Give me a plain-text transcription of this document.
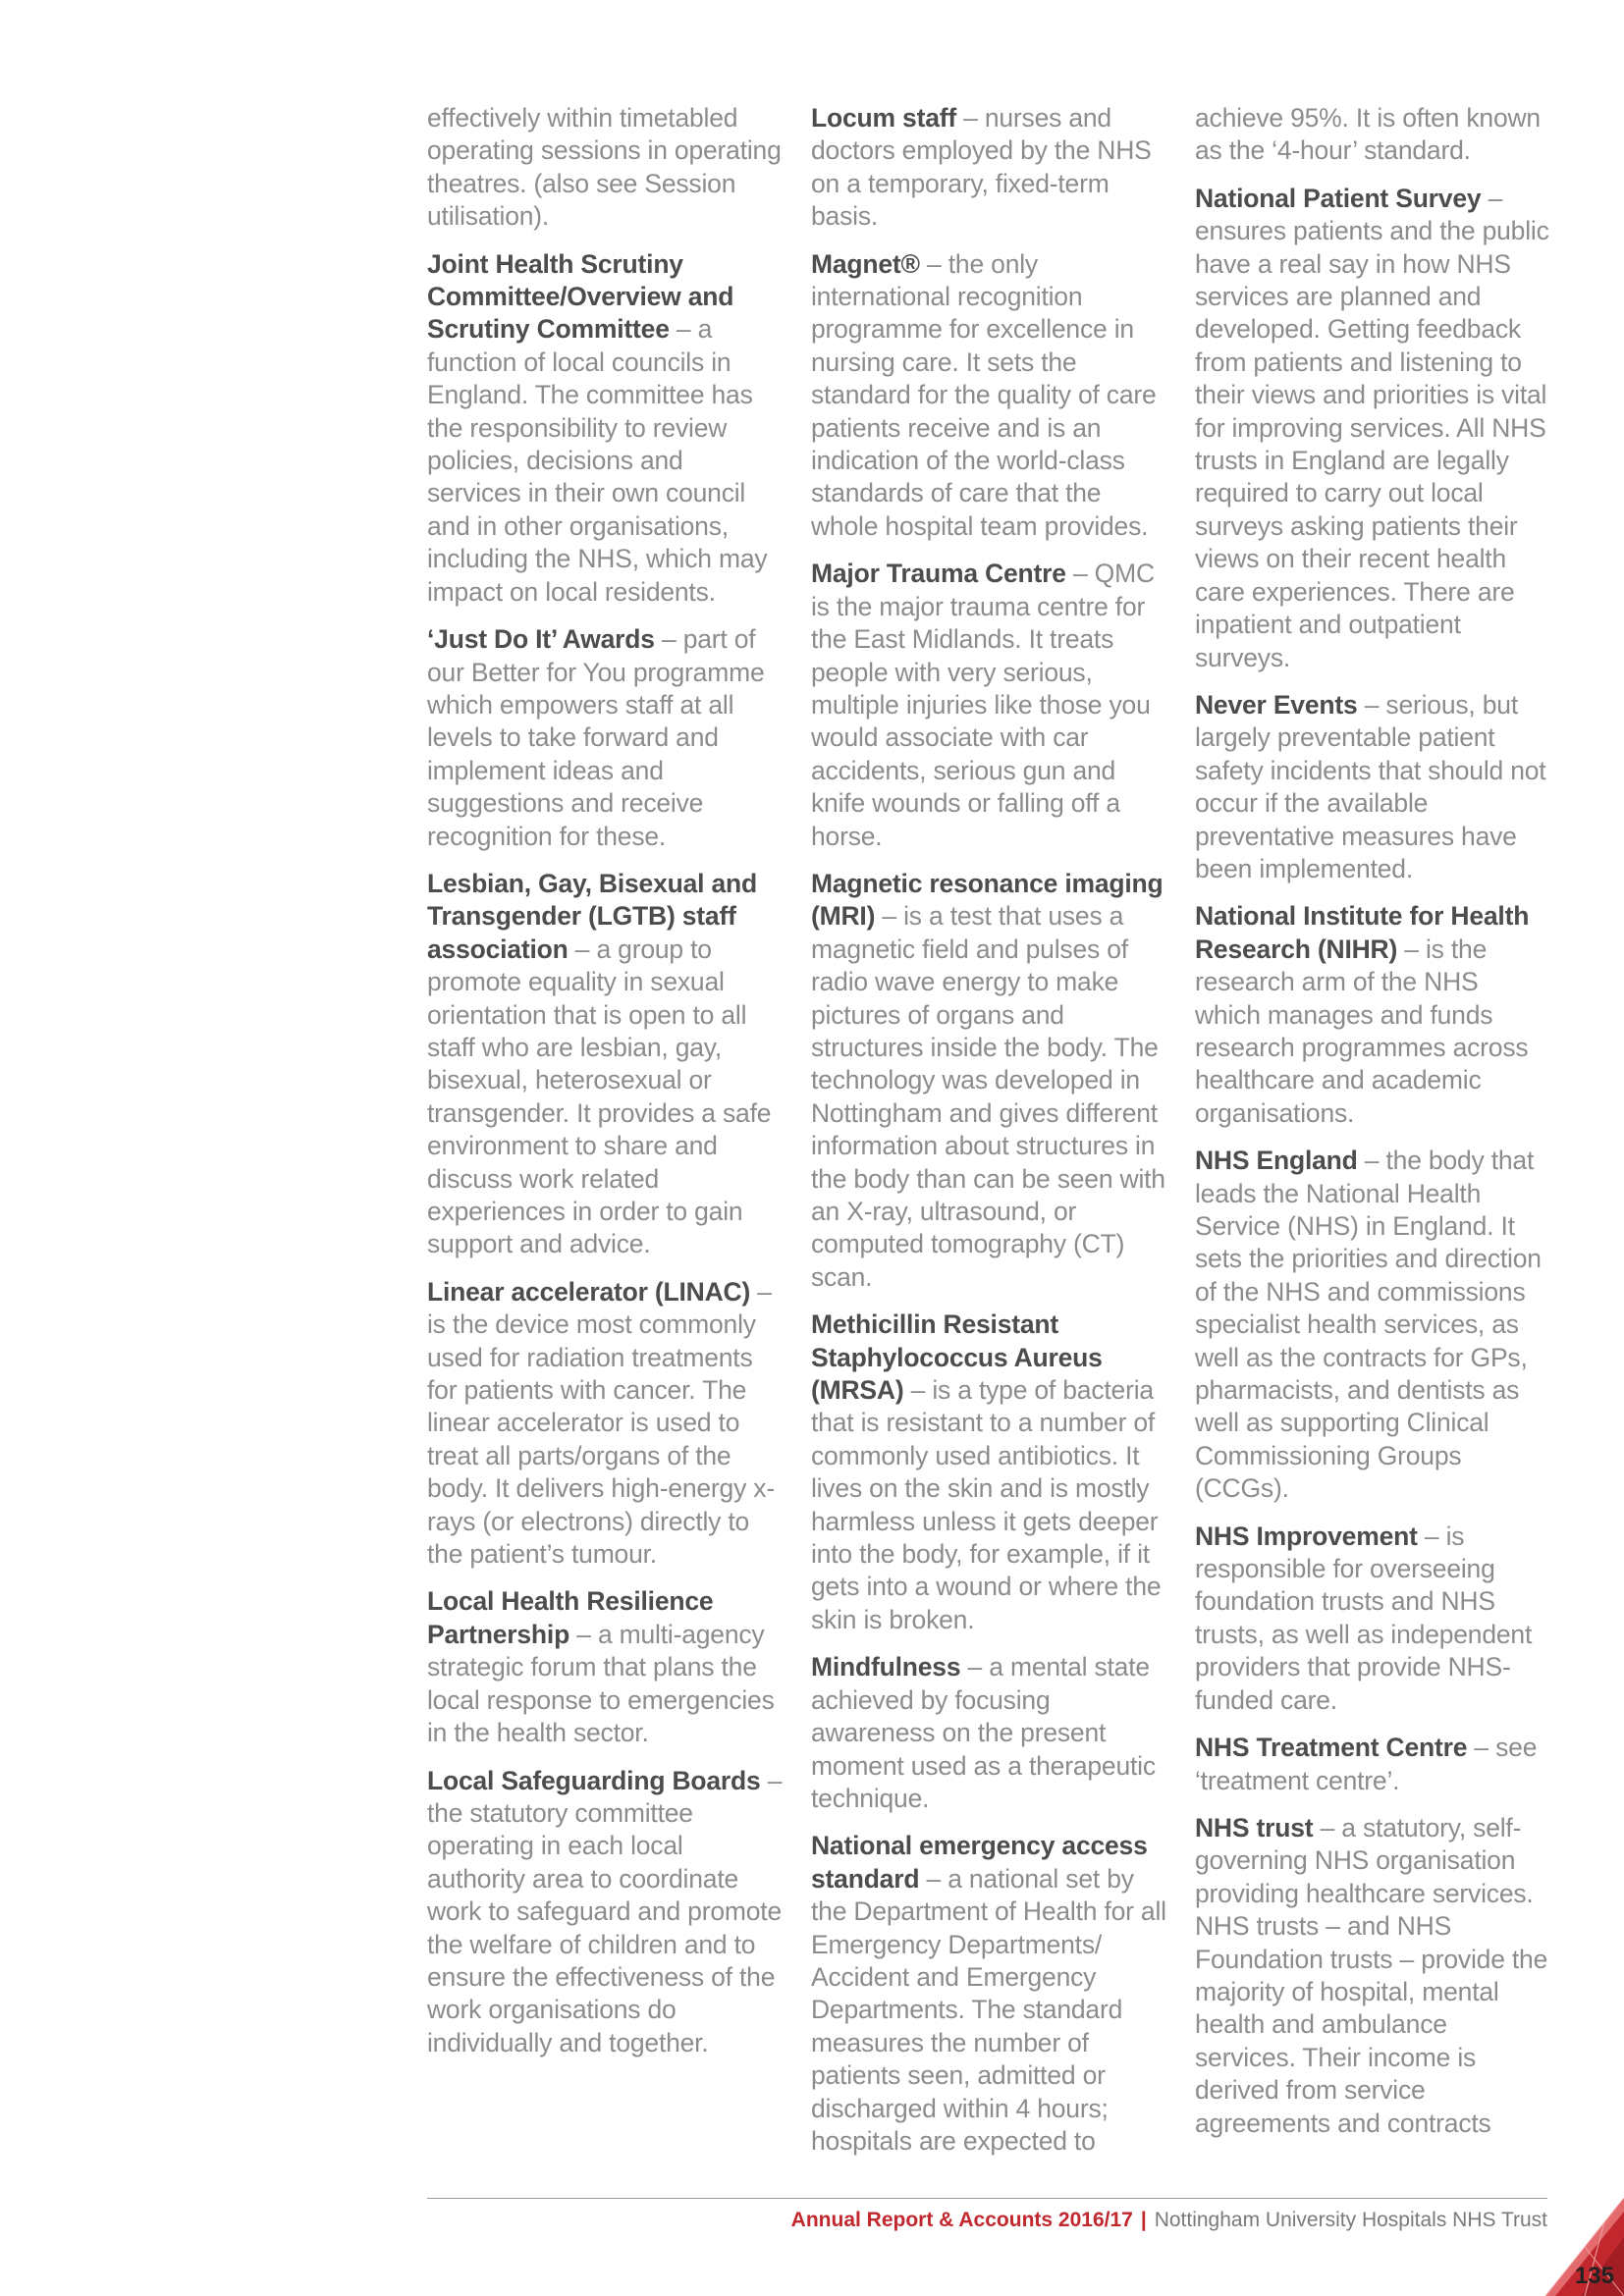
effectively within timetabled operating sessions in operating theatres. (also see Session utilisation).

Joint Health Scrutiny Committee/Overview and Scrutiny Committee – a function of local councils in England. The committee has the responsibility to review policies, decisions and services in their own council and in other organisations, including the NHS, which may impact on local residents.

‘Just Do It’ Awards – part of our Better for You programme which empowers staff at all levels to take forward and implement ideas and suggestions and receive recognition for these.

Lesbian, Gay, Bisexual and Transgender (LGTB) staff association – a group to promote equality in sexual orientation that is open to all staff who are lesbian, gay, bisexual, heterosexual or transgender. It provides a safe environment to share and discuss work related experiences in order to gain support and advice.

Linear accelerator (LINAC) – is the device most commonly used for radiation treatments for patients with cancer. The linear accelerator is used to treat all parts/organs of the body. It delivers high-energy x-rays (or electrons) directly to the patient’s tumour.

Local Health Resilience Partnership – a multi-agency strategic forum that plans the local response to emergencies in the health sector.

Local Safeguarding Boards – the statutory committee operating in each local authority area to coordinate work to safeguard and promote the welfare of children and to ensure the effectiveness of the work organisations do individually and together.

Locum staff – nurses and doctors employed by the NHS on a temporary, fixed-term basis.

Magnet® – the only international recognition programme for excellence in nursing care. It sets the standard for the quality of care patients receive and is an indication of the world-class standards of care that the whole hospital team provides.

Major Trauma Centre – QMC is the major trauma centre for the East Midlands. It treats people with very serious, multiple injuries like those you would associate with car accidents, serious gun and knife wounds or falling off a horse.

Magnetic resonance imaging (MRI) – is a test that uses a magnetic field and pulses of radio wave energy to make pictures of organs and structures inside the body. The technology was developed in Nottingham and gives different information about structures in the body than can be seen with an X-ray, ultrasound, or computed tomography (CT) scan.

Methicillin Resistant Staphylococcus Aureus (MRSA) – is a type of bacteria that is resistant to a number of commonly used antibiotics. It lives on the skin and is mostly harmless unless it gets deeper into the body, for example, if it gets into a wound or where the skin is broken.

Mindfulness – a mental state achieved by focusing awareness on the present moment used as a therapeutic technique.

National emergency access standard – a national set by the Department of Health for all Emergency Departments/ Accident and Emergency Departments. The standard measures the number of patients seen, admitted or discharged within 4 hours; hospitals are expected to

achieve 95%. It is often known as the ‘4-hour’ standard.

National Patient Survey – ensures patients and the public have a real say in how NHS services are planned and developed. Getting feedback from patients and listening to their views and priorities is vital for improving services. All NHS trusts in England are legally required to carry out local surveys asking patients their views on their recent health care experiences. There are inpatient and outpatient surveys.

Never Events – serious, but largely preventable patient safety incidents that should not occur if the available preventative measures have been implemented.

National Institute for Health Research (NIHR) – is the research arm of the NHS which manages and funds research programmes across healthcare and academic organisations.

NHS England – the body that leads the National Health Service (NHS) in England. It sets the priorities and direction of the NHS and commissions specialist health services, as well as the contracts for GPs, pharmacists, and dentists as well as supporting Clinical Commissioning Groups (CCGs).

NHS Improvement – is responsible for overseeing foundation trusts and NHS trusts, as well as independent providers that provide NHS-funded care.

NHS Treatment Centre – see ‘treatment centre’.

NHS trust – a statutory, self-governing NHS organisation providing healthcare services. NHS trusts – and NHS Foundation trusts – provide the majority of hospital, mental health and ambulance services. Their income is derived from service agreements and contracts

Annual Report & Accounts 2016/17 | Nottingham University Hospitals NHS Trust
135
